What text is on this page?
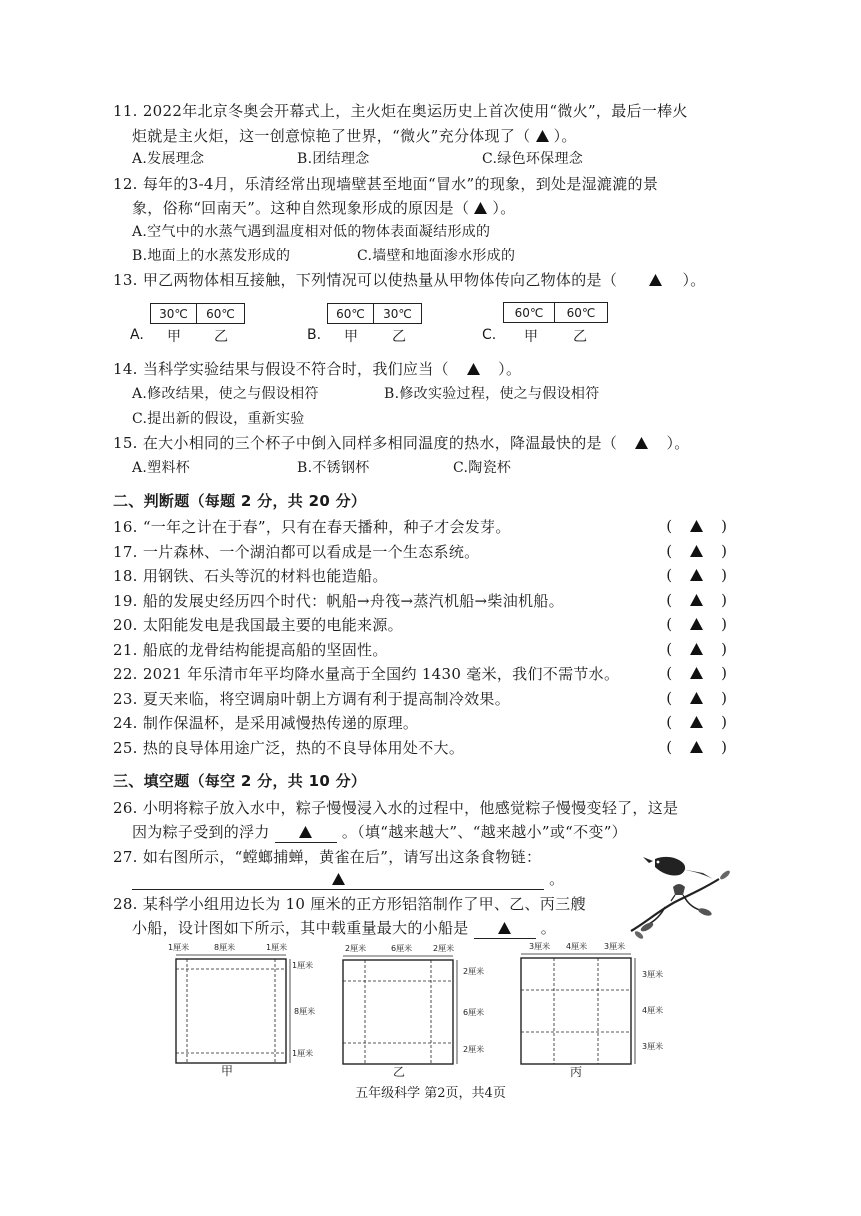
11. 2022年北京冬奥会开幕式上，主火炬在奥运历史上首次使用“微火”，最后一棒火
炬就是主火炬，这一创意惊艳了世界，“微火”充分体现了（ ）。
A.发展理念	B.团结理念	C.绿色环保理念
12. 每年的3-4月，乐清经常出现墙壁甚至地面“冒水”的现象，到处是湿漉漉的景
象，俗称“回南天”。这种自然现象形成的原因是（ ）。
A.空气中的水蒸气遇到温度相对低的物体表面凝结形成的
B.地面上的水蒸发形成的	C.墙壁和地面渗水形成的
13. 甲乙两物体相互接触，下列情况可以使热量从甲物体传向乙物体的是（	）。
30℃	60℃
A. 甲 乙
60℃	30℃
B. 甲 乙
60℃	60℃
C. 甲	乙
14. 当科学实验结果与假设不符合时，我们应当（	）。
A.修改结果，使之与假设相符	B.修改实验过程，使之与假设相符
C.提出新的假设，重新实验
15. 在大小相同的三个杯子中倒入同样多相同温度的热水，降温最快的是（	）。
A.塑料杯	B.不锈钢杯	C.陶瓷杯
二、判断题（每题 2 分，共 20 分）
16. “一年之计在于春”，只有在春天播种，种子才会发芽。	(	)
17. 一片森林、一个湖泊都可以看成是一个生态系统。	(	)
18. 用钢铁、石头等沉的材料也能造船。	(	)
19. 船的发展史经历四个时代：帆船→舟筏→蒸汽机船→柴油机船。	(	)
20. 太阳能发电是我国最主要的电能来源。	(	)
21. 船底的龙骨结构能提高船的坚固性。	(	)
22. 2021 年乐清市年平均降水量高于全国约 1430 毫米，我们不需节水。	(	)
23. 夏天来临，将空调扇叶朝上方调有利于提高制冷效果。	(	)
24. 制作保温杯，是采用减慢热传递的原理。	(	)
25. 热的良导体用途广泛，热的不良导体用处不大。	(	)
三、填空题（每空 2 分，共 10 分）
26. 小明将粽子放入水中，粽子慢慢浸入水的过程中，他感觉粽子慢慢变轻了，这是
因为粽子受到的浮力	。（填“越来越大”、“越来越小”或“不变”）
27. 如右图所示，“螳螂捕蝉，黄雀在后”，请写出这条食物链：
。
28. 某科学小组用边长为 10 厘米的正方形铝箔制作了甲、乙、丙三艘
小船，设计图如下所示，其中载重量最大的小船是	。
1厘米	8厘米	1厘米
1厘米
8厘米
1厘米
甲
2厘米	6厘米	2厘米
2厘米
6厘米
2厘米
乙
3厘米 4厘米 3厘米
3厘米
4厘米
3厘米
丙
五年级科学 第2页，共4页
